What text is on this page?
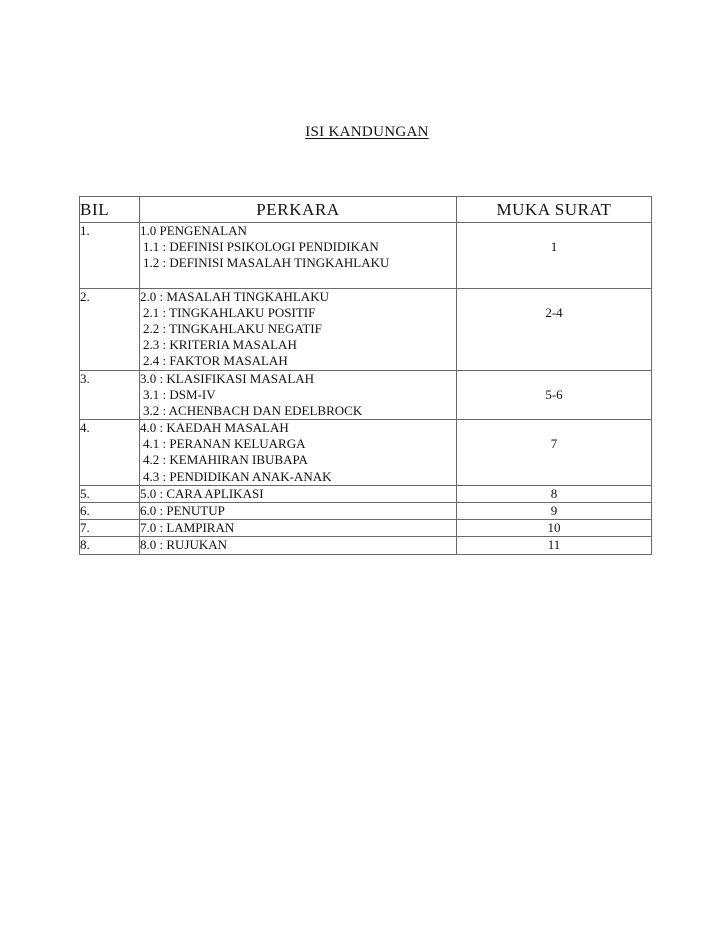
ISI KANDUNGAN
BIL	PERKARA	MUKA SURAT
1.	1.0 PENGENALAN
1.1 : DEFINISI PSIKOLOGI PENDIDIKAN
1.2 : DEFINISI MASALAH TINGKAHLAKU	1

2.	2.0 : MASALAH TINGKAHLAKU
2.1 : TINGKAHLAKU POSITIF
2.2 : TINGKAHLAKU NEGATIF
2.3 : KRITERIA MASALAH
2.4 : FAKTOR MASALAH	2-4

3.	3.0 : KLASIFIKASI MASALAH
3.1 : DSM-IV
3.2 : ACHENBACH DAN EDELBROCK	5-6

4.	4.0 : KAEDAH MASALAH
4.1 : PERANAN KELUARGA
4.2 : KEMAHIRAN IBUBAPA
4.3 : PENDIDIKAN ANAK-ANAK	7

5.	5.0 : CARA APLIKASI	8

6.	6.0 : PENUTUP	9

7.	7.0 : LAMPIRAN	10

8.	8.0 : RUJUKAN	11
